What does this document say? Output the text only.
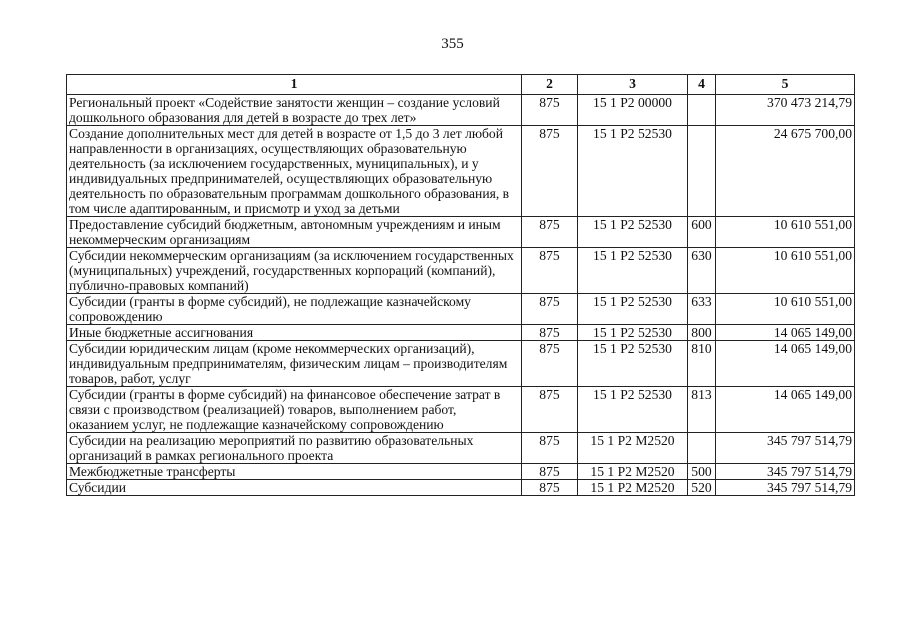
355
1	2	3	4	5
Региональный проект «Содействие занятости женщин – создание условий дошкольного образования для детей в возрасте до трех лет»	875	15 1 Р2 00000		370 473 214,79
Создание дополнительных мест для детей в возрасте от 1,5 до 3 лет любой направленности в организациях, осуществляющих образовательную деятельность (за исключением государственных, муниципальных), и у индивидуальных предпринимателей, осуществляющих образовательную деятельность по образовательным программам дошкольного образования, в том числе адаптированным, и присмотр и уход за детьми	875	15 1 Р2 52530		24 675 700,00
Предоставление субсидий бюджетным, автономным учреждениям и иным некоммерческим организациям	875	15 1 Р2 52530	600	10 610 551,00
Субсидии некоммерческим организациям (за исключением государственных (муниципальных) учреждений, государственных корпораций (компаний), публично-правовых компаний)	875	15 1 Р2 52530	630	10 610 551,00
Субсидии (гранты в форме субсидий), не подлежащие казначейскому сопровождению	875	15 1 Р2 52530	633	10 610 551,00
Иные бюджетные ассигнования	875	15 1 Р2 52530	800	14 065 149,00
Субсидии юридическим лицам (кроме некоммерческих организаций), индивидуальным предпринимателям, физическим лицам – производителям товаров, работ, услуг	875	15 1 Р2 52530	810	14 065 149,00
Субсидии (гранты в форме субсидий) на финансовое обеспечение затрат в связи с производством (реализацией) товаров, выполнением работ, оказанием услуг, не подлежащие казначейскому сопровождению	875	15 1 Р2 52530	813	14 065 149,00
Субсидии на реализацию мероприятий по развитию образовательных организаций в рамках регионального проекта	875	15 1 Р2 М2520		345 797 514,79
Межбюджетные трансферты	875	15 1 Р2 М2520	500	345 797 514,79
Субсидии	875	15 1 Р2 М2520	520	345 797 514,79
